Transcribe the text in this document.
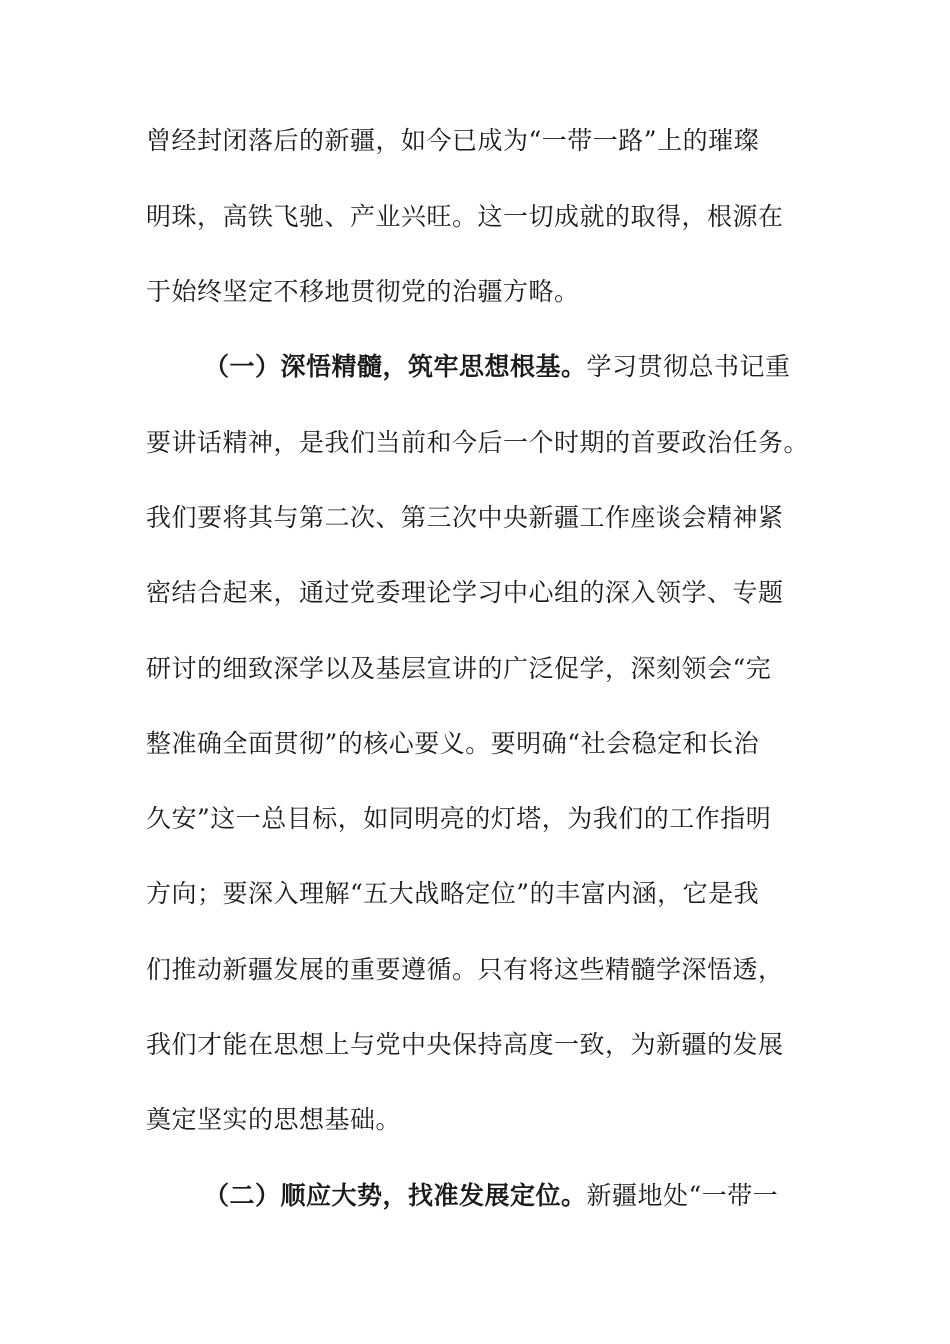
曾经封闭落后的新疆，如今已成为“一带一路”上的璀璨
明珠，高铁飞驰、产业兴旺。这一切成就的取得，根源在
于始终坚定不移地贯彻党的治疆方略。
（一）深悟精髓，筑牢思想根基。学习贯彻总书记重
要讲话精神，是我们当前和今后一个时期的首要政治任务。
我们要将其与第二次、第三次中央新疆工作座谈会精神紧
密结合起来，通过党委理论学习中心组的深入领学、专题
研讨的细致深学以及基层宣讲的广泛促学，深刻领会“完
整准确全面贯彻”的核心要义。要明确“社会稳定和长治
久安”这一总目标，如同明亮的灯塔，为我们的工作指明
方向；要深入理解“五大战略定位”的丰富内涵，它是我
们推动新疆发展的重要遵循。只有将这些精髓学深悟透，
我们才能在思想上与党中央保持高度一致，为新疆的发展
奠定坚实的思想基础。
（二）顺应大势，找准发展定位。新疆地处“一带一
